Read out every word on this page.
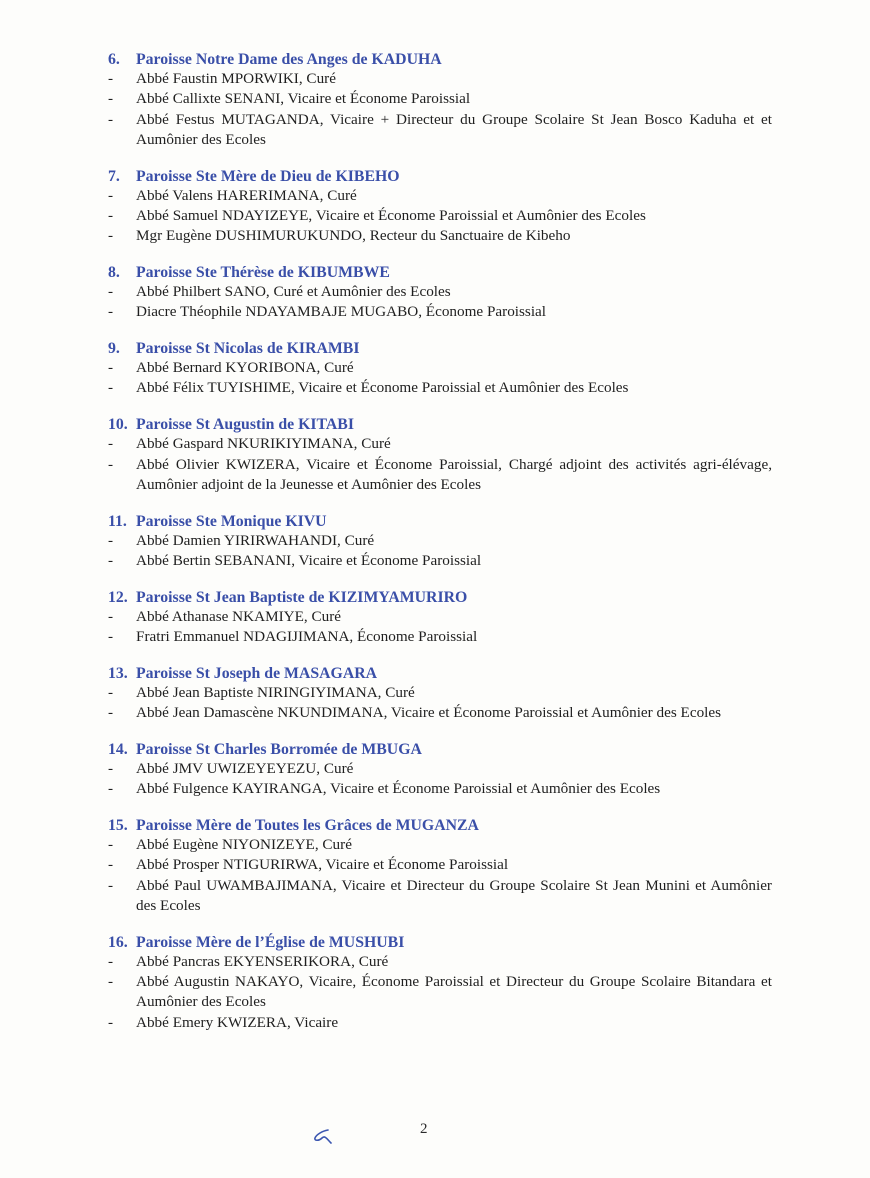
6. Paroisse Notre Dame des Anges de KADUHA
- Abbé Faustin MPORWIKI, Curé
- Abbé Callixte SENANI, Vicaire et Économe Paroissial
- Abbé Festus MUTAGANDA, Vicaire + Directeur du Groupe Scolaire St Jean Bosco Kaduha et et Aumônier des Ecoles
7. Paroisse Ste Mère de Dieu de KIBEHO
- Abbé Valens HARERIMANA, Curé
- Abbé Samuel NDAYIZEYE, Vicaire et Économe Paroissial et Aumônier des Ecoles
- Mgr Eugène DUSHIMURUKUNDO, Recteur du Sanctuaire de Kibeho
8. Paroisse Ste Thérèse de KIBUMBWE
- Abbé Philbert SANO, Curé et Aumônier des Ecoles
- Diacre Théophile NDAYAMBAJE MUGABO, Économe Paroissial
9. Paroisse St Nicolas de KIRAMBI
- Abbé Bernard KYORIBONA, Curé
- Abbé Félix TUYISHIME, Vicaire et Économe Paroissial et Aumônier des Ecoles
10. Paroisse St Augustin de KITABI
- Abbé Gaspard NKURIKIYIMANA, Curé
- Abbé Olivier KWIZERA, Vicaire et Économe Paroissial, Chargé adjoint des activités agri-élévage, Aumônier adjoint de la Jeunesse et Aumônier des Ecoles
11. Paroisse Ste Monique KIVU
- Abbé Damien YIRIRWAHANDI, Curé
- Abbé Bertin SEBANANI, Vicaire et Économe Paroissial
12. Paroisse St Jean Baptiste de KIZIMYAMURIRO
- Abbé Athanase NKAMIYE, Curé
- Fratri Emmanuel NDAGIJIMANA, Économe Paroissial
13. Paroisse St Joseph de MASAGARA
- Abbé Jean Baptiste NIRINGIYIMANA, Curé
- Abbé Jean Damascène NKUNDIMANA, Vicaire et Économe Paroissial et Aumônier des Ecoles
14. Paroisse St Charles Borromée de MBUGA
- Abbé JMV UWIZEYEYEZU, Curé
- Abbé Fulgence KAYIRANGA, Vicaire et Économe Paroissial et Aumônier des Ecoles
15. Paroisse Mère de Toutes les Grâces de MUGANZA
- Abbé Eugène NIYONIZEYE, Curé
- Abbé Prosper NTIGURIRWA, Vicaire et Économe Paroissial
- Abbé Paul UWAMBAJIMANA, Vicaire et Directeur du Groupe Scolaire St Jean Munini et Aumônier des Ecoles
16. Paroisse Mère de l’Église de MUSHUBI
- Abbé Pancras EKYENSERIKORA, Curé
- Abbé Augustin NAKAYO, Vicaire, Économe Paroissial et Directeur du Groupe Scolaire Bitandara et Aumônier des Ecoles
- Abbé Emery KWIZERA, Vicaire
2
